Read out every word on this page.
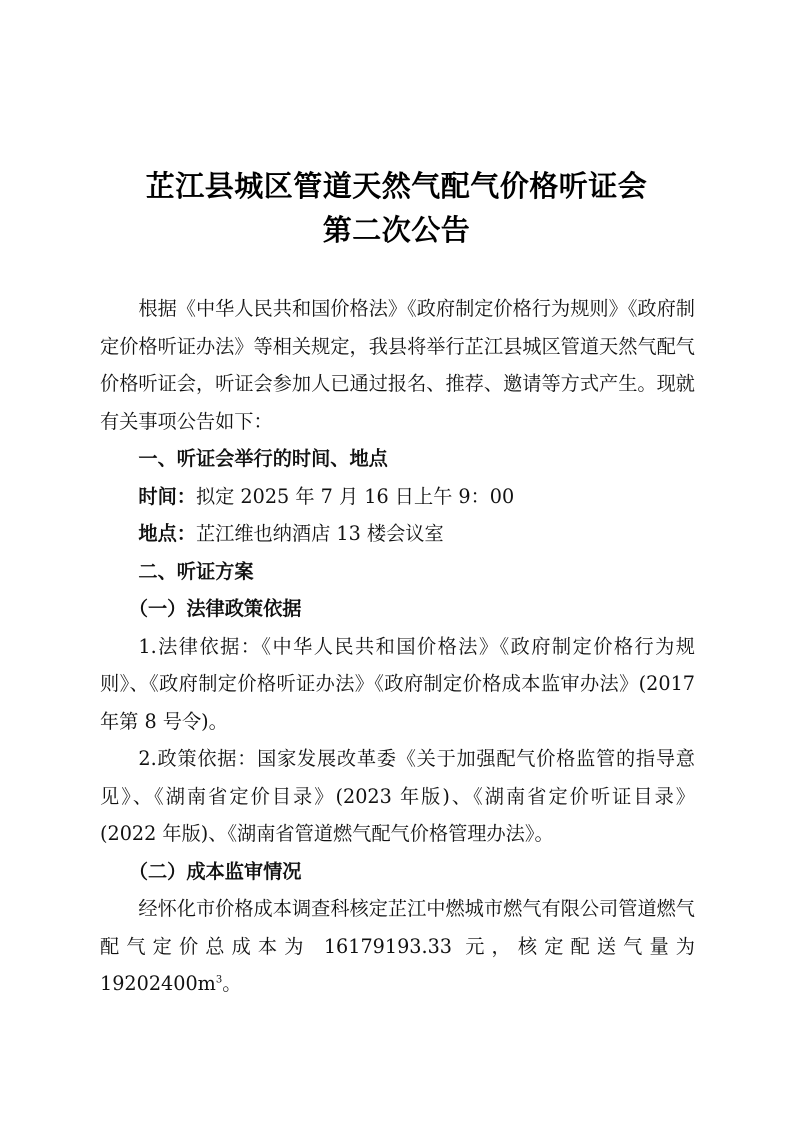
芷江县城区管道天然气配气价格听证会
第二次公告

根据《中华人民共和国价格法》《政府制定价格行为规则》《政府制定价格听证办法》等相关规定，我县将举行芷江县城区管道天然气配气价格听证会，听证会参加人已通过报名、推荐、邀请等方式产生。现就有关事项公告如下：

一、听证会举行的时间、地点

时间：拟定 2025 年 7 月 16 日上午 9：00

地点：芷江维也纳酒店 13 楼会议室

二、听证方案

（一）法律政策依据

1.法律依据：《中华人民共和国价格法》《政府制定价格行为规则》、《政府制定价格听证办法》《政府制定价格成本监审办法》(2017 年第 8 号令)。

2.政策依据：国家发展改革委《关于加强配气价格监管的指导意见》、《湖南省定价目录》(2023 年版)、《湖南省定价听证目录》(2022 年版)、《湖南省管道燃气配气价格管理办法》。

（二）成本监审情况

经怀化市价格成本调查科核定芷江中燃城市燃气有限公司管道燃气配气定价总成本为 16179193.33 元，核定配送气量为 $19202400m^3$。
